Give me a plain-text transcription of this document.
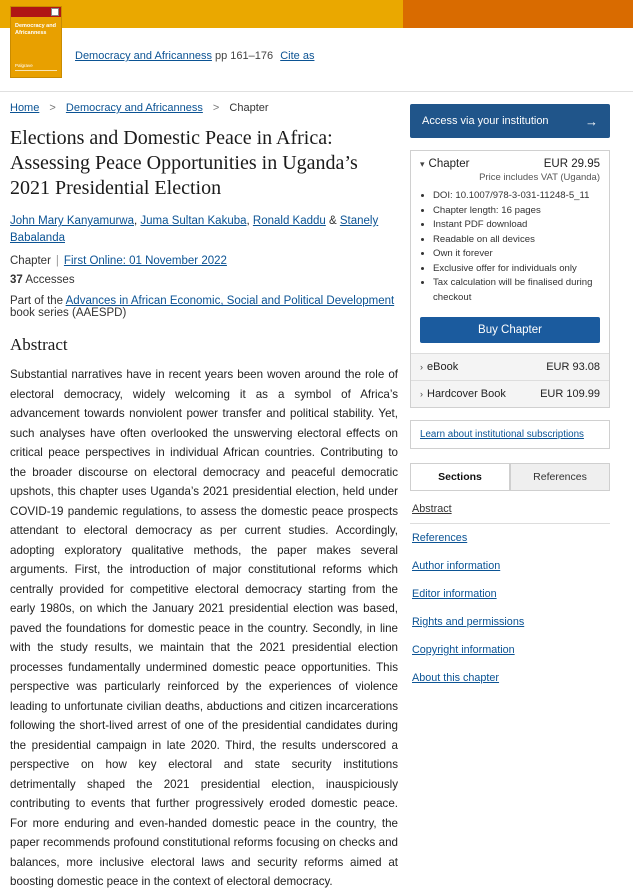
Democracy and Africanness
Palgrave
Democracy and Africanness pp 161–176 Cite as
Home > Democracy and Africanness > Chapter
Elections and Domestic Peace in Africa: Assessing Peace Opportunities in Uganda’s 2021 Presidential Election
John Mary Kanyamurwa, Juma Sultan Kakuba, Ronald Kaddu & Stanely Babalanda
Chapter | First Online: 01 November 2022
37 Accesses
Part of the Advances in African Economic, Social and Political Development book series (AAESPD)
Abstract

Substantial narratives have in recent years been woven around the role of electoral democracy, widely welcoming it as a symbol of Africa’s advancement towards nonviolent power transfer and political stability. Yet, such analyses have often overlooked the unswerving electoral effects on critical peace perspectives in individual African countries. Contributing to the broader discourse on electoral democracy and peaceful democratic upshots, this chapter uses Uganda’s 2021 presidential election, held under COVID-19 pandemic regulations, to assess the domestic peace prospects attendant to electoral democracy as per current studies. Accordingly, adopting exploratory qualitative methods, the paper makes several arguments. First, the introduction of major constitutional reforms which centrally provided for competitive electoral democracy starting from the early 1980s, on which the January 2021 presidential election was based, paved the foundations for domestic peace in the country. Secondly, in line with the study results, we maintain that the 2021 presidential election processes fundamentally undermined domestic peace opportunities. This perspective was particularly reinforced by the experiences of violence leading to unfortunate civilian deaths, abductions and citizen incarcerations following the short-lived arrest of one of the presidential candidates during the presidential campaign in late 2020. Third, the results underscored a perspective on how key electoral and state security institutions detrimentally shaped the 2021 presidential election, inauspiciously contributing to events that further progressively eroded domestic peace. For more enduring and even-handed domestic peace in the country, the paper recommends profound constitutional reforms focusing on checks and balances, more inclusive electoral laws and security reforms aimed at boosting domestic peace in the context of electoral democracy.

Access via your institution	→
▾ Chapter	EUR 29.95
Price includes VAT (Uganda)
• DOI: 10.1007/978-3-031-11248-5_11
• Chapter length: 16 pages
• Instant PDF download
• Readable on all devices
• Own it forever
• Exclusive offer for individuals only
• Tax calculation will be finalised during checkout
Buy Chapter
› eBook	EUR 93.08
› Hardcover Book	EUR 109.99
Learn about institutional subscriptions
Sections	References
Abstract
References
Author information
Editor information
Rights and permissions
Copyright information
About this chapter
